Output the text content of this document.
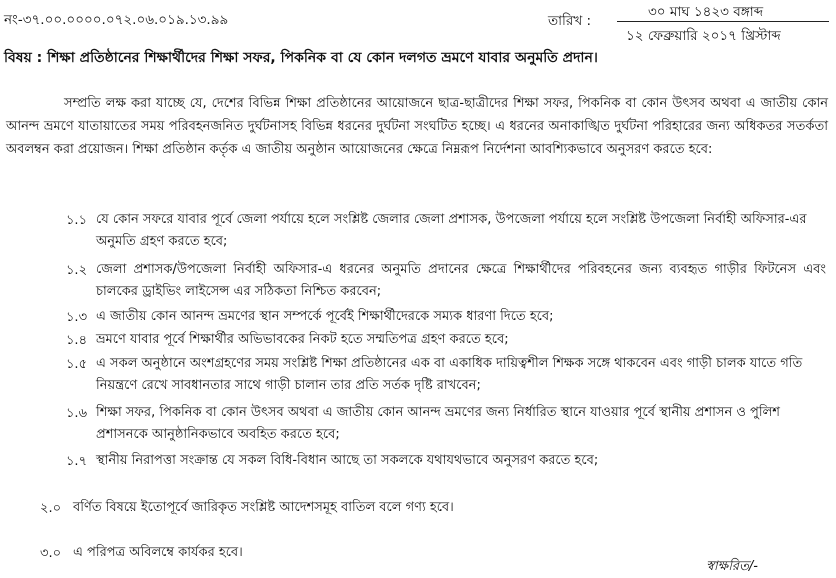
নং-৩৭.০০.০০০০.০৭২.০৬.০১৯.১৩.৯৯	তারিখ :
৩০ মাঘ ১৪২৩ বঙ্গাব্দ
১২ ফেব্রুয়ারি ২০১৭ খ্রিস্টাব্দ
বিষয় : শিক্ষা প্রতিষ্ঠানের শিক্ষার্থীদের শিক্ষা সফর, পিকনিক বা যে কোন দলগত ভ্রমণে যাবার অনুমতি প্রদান।
সম্প্রতি লক্ষ করা যাচ্ছে যে, দেশের বিভিন্ন শিক্ষা প্রতিষ্ঠানের আয়োজনে ছাত্র-ছাত্রীদের শিক্ষা সফর, পিকনিক বা কোন উৎসব অথবা এ জাতীয় কোন আনন্দ ভ্রমণে যাতায়াতের সময় পরিবহনজনিত দুর্ঘটনাসহ বিভিন্ন ধরনের দুর্ঘটনা সংঘটিত হচ্ছে। এ ধরনের অনাকাঙ্খিত দুর্ঘটনা পরিহারের জন্য অধিকতর সতর্কতা অবলম্বন করা প্রয়োজন। শিক্ষা প্রতিষ্ঠান কর্তৃক এ জাতীয় অনুষ্ঠান আয়োজনের ক্ষেত্রে নিম্নরূপ নির্দেশনা আবশ্যিকভাবে অনুসরণ করতে হবে:
১.১ যে কোন সফরে যাবার পূর্বে জেলা পর্যায়ে হলে সংশ্লিষ্ট জেলার জেলা প্রশাসক, উপজেলা পর্যায়ে হলে সংশ্লিষ্ট উপজেলা নির্বাহী অফিসার-এর অনুমতি গ্রহণ করতে হবে;
১.২ জেলা প্রশাসক/উপজেলা নির্বাহী অফিসার-এ ধরনের অনুমতি প্রদানের ক্ষেত্রে শিক্ষার্থীদের পরিবহনের জন্য ব্যবহৃত গাড়ীর ফিটনেস এবং চালকের ড্রাইভিং লাইসেন্স এর সঠিকতা নিশ্চিত করবেন;
১.৩ এ জাতীয় কোন আনন্দ ভ্রমণের স্থান সম্পর্কে পূর্বেই শিক্ষার্থীদেরকে সম্যক ধারণা দিতে হবে;
১.৪ ভ্রমণে যাবার পূর্বে শিক্ষার্থীর অভিভাবকের নিকট হতে সম্মতিপত্র গ্রহণ করতে হবে;
১.৫ এ সকল অনুষ্ঠানে অংশগ্রহণের সময় সংশ্লিষ্ট শিক্ষা প্রতিষ্ঠানের এক বা একাধিক দায়িত্বশীল শিক্ষক সঙ্গে থাকবেন এবং গাড়ী চালক যাতে গতি নিয়ন্ত্রণে রেখে সাবধানতার সাথে গাড়ী চালান তার প্রতি সর্তক দৃষ্টি রাখবেন;
১.৬ শিক্ষা সফর, পিকনিক বা কোন উৎসব অথবা এ জাতীয় কোন আনন্দ ভ্রমণের জন্য নির্ধারিত স্থানে যাওয়ার পূর্বে স্থানীয় প্রশাসন ও পুলিশ প্রশাসনকে আনুষ্ঠানিকভাবে অবহিত করতে হবে;
১.৭ স্থানীয় নিরাপত্তা সংক্রান্ত যে সকল বিধি-বিধান আছে তা সকলকে যথাযথভাবে অনুসরণ করতে হবে;
২.০ বর্ণিত বিষয়ে ইতোপূর্বে জারিকৃত সংশ্লিষ্ট আদেশসমূহ বাতিল বলে গণ্য হবে।
৩.০ এ পরিপত্র অবিলম্বে কার্যকর হবে।
স্বাক্ষরিত/-
